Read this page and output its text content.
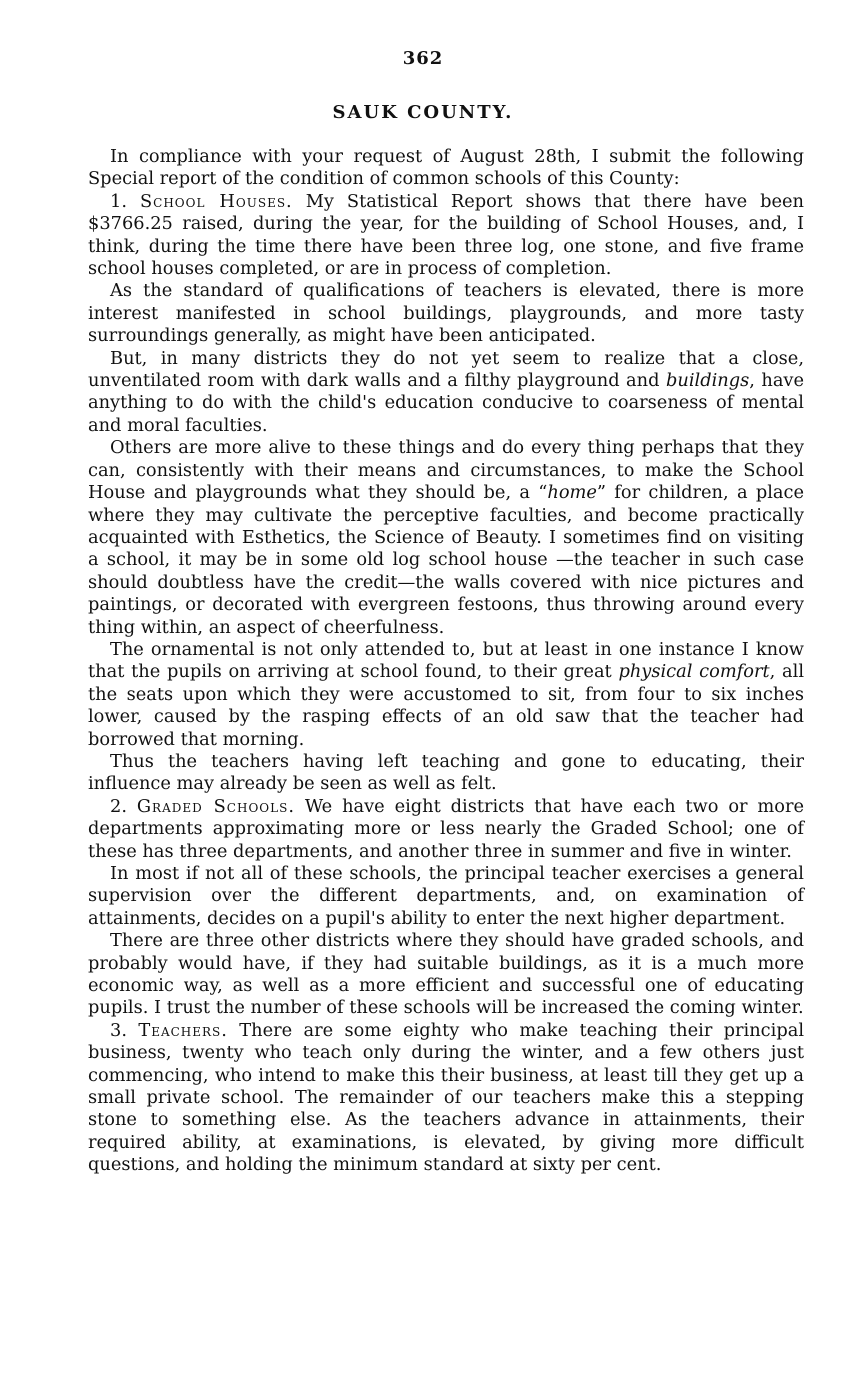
362
SAUK COUNTY.

In compliance with your request of August 28th, I submit the following Special report of the condition of common schools of this County:

1. School Houses. My Statistical Report shows that there have been $3766.25 raised, during the year, for the building of School Houses, and, I think, during the time there have been three log, one stone, and five frame school houses completed, or are in process of completion.

As the standard of qualifications of teachers is elevated, there is more interest manifested in school buildings, playgrounds, and more tasty surroundings generally, as might have been anticipated.

But, in many districts they do not yet seem to realize that a close, unventilated room with dark walls and a filthy playground and buildings, have anything to do with the child's education conducive to coarseness of mental and moral faculties.

Others are more alive to these things and do every thing perhaps that they can, consistently with their means and circumstances, to make the School House and playgrounds what they should be, a “home” for children, a place where they may cultivate the perceptive faculties, and become practically acquainted with Esthetics, the Science of Beauty. I sometimes find on visiting a school, it may be in some old log school house —the teacher in such case should doubtless have the credit—the walls covered with nice pictures and paintings, or decorated with evergreen festoons, thus throwing around every thing within, an aspect of cheerfulness.

The ornamental is not only attended to, but at least in one instance I know that the pupils on arriving at school found, to their great physical comfort, all the seats upon which they were accustomed to sit, from four to six inches lower, caused by the rasping effects of an old saw that the teacher had borrowed that morning.

Thus the teachers having left teaching and gone to educating, their influence may already be seen as well as felt.

2. Graded Schools. We have eight districts that have each two or more departments approximating more or less nearly the Graded School; one of these has three departments, and another three in summer and five in winter.

In most if not all of these schools, the principal teacher exercises a general supervision over the different departments, and, on examination of attainments, decides on a pupil's ability to enter the next higher department.

There are three other districts where they should have graded schools, and probably would have, if they had suitable buildings, as it is a much more economic way, as well as a more efficient and successful one of educating pupils. I trust the number of these schools will be increased the coming winter.

3. Teachers. There are some eighty who make teaching their principal business, twenty who teach only during the winter, and a few others just commencing, who intend to make this their business, at least till they get up a small private school. The remainder of our teachers make this a stepping stone to something else. As the teachers advance in attainments, their required ability, at examinations, is elevated, by giving more difficult questions, and holding the minimum standard at sixty per cent.
